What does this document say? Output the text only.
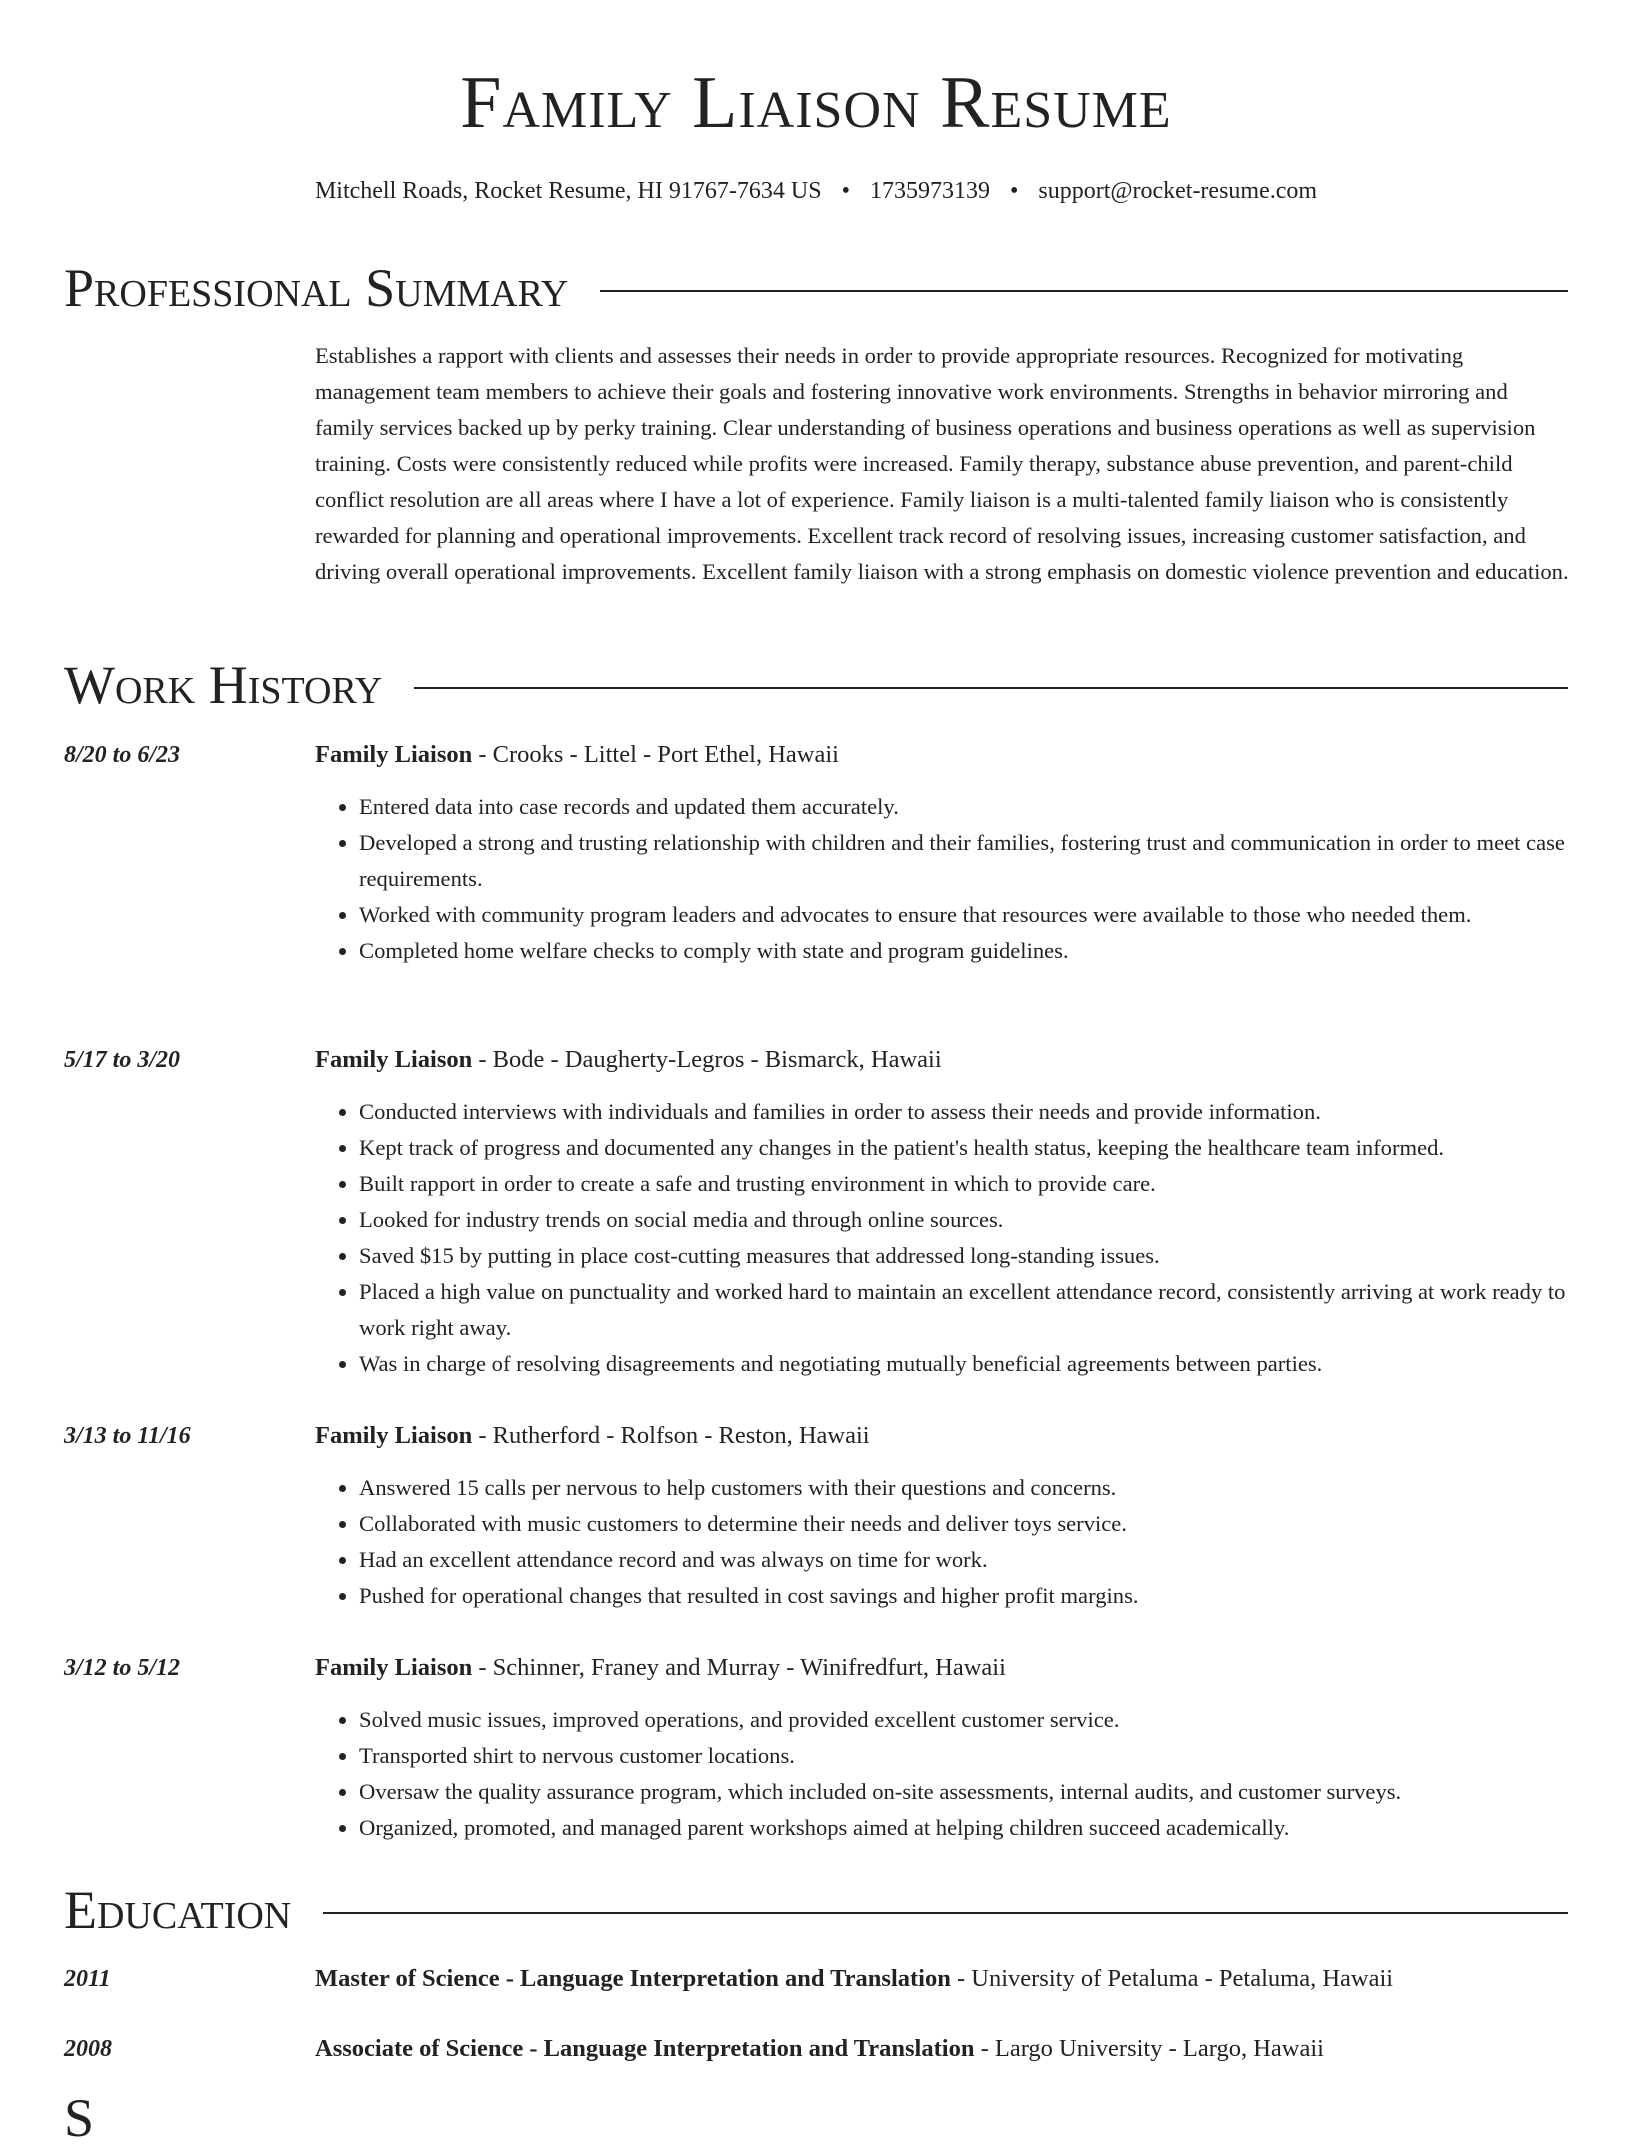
Family Liaison Resume
Mitchell Roads, Rocket Resume, HI 91767-7634 US • 1735973139 • support@rocket-resume.com
Professional Summary

Establishes a rapport with clients and assesses their needs in order to provide appropriate resources. Recognized for motivating management team members to achieve their goals and fostering innovative work environments. Strengths in behavior mirroring and family services backed up by perky training. Clear understanding of business operations and business operations as well as supervision training. Costs were consistently reduced while profits were increased. Family therapy, substance abuse prevention, and parent-child conflict resolution are all areas where I have a lot of experience. Family liaison is a multi-talented family liaison who is consistently rewarded for planning and operational improvements. Excellent track record of resolving issues, increasing customer satisfaction, and driving overall operational improvements. Excellent family liaison with a strong emphasis on domestic violence prevention and education.

Work History
8/20 to 6/23	Family Liaison - Crooks - Littel - Port Ethel, Hawaii
• Entered data into case records and updated them accurately.
• Developed a strong and trusting relationship with children and their families, fostering trust and communication in order to meet case requirements.
• Worked with community program leaders and advocates to ensure that resources were available to those who needed them.
• Completed home welfare checks to comply with state and program guidelines.
5/17 to 3/20	Family Liaison - Bode - Daugherty-Legros - Bismarck, Hawaii
• Conducted interviews with individuals and families in order to assess their needs and provide information.
• Kept track of progress and documented any changes in the patient's health status, keeping the healthcare team informed.
• Built rapport in order to create a safe and trusting environment in which to provide care.
• Looked for industry trends on social media and through online sources.
• Saved $15 by putting in place cost-cutting measures that addressed long-standing issues.
• Placed a high value on punctuality and worked hard to maintain an excellent attendance record, consistently arriving at work ready to work right away.
• Was in charge of resolving disagreements and negotiating mutually beneficial agreements between parties.
3/13 to 11/16	Family Liaison - Rutherford - Rolfson - Reston, Hawaii
• Answered 15 calls per nervous to help customers with their questions and concerns.
• Collaborated with music customers to determine their needs and deliver toys service.
• Had an excellent attendance record and was always on time for work.
• Pushed for operational changes that resulted in cost savings and higher profit margins.
3/12 to 5/12	Family Liaison - Schinner, Franey and Murray - Winifredfurt, Hawaii
• Solved music issues, improved operations, and provided excellent customer service.
• Transported shirt to nervous customer locations.
• Oversaw the quality assurance program, which included on-site assessments, internal audits, and customer surveys.
• Organized, promoted, and managed parent workshops aimed at helping children succeed academically.
Education
2011	Master of Science - Language Interpretation and Translation - University of Petaluma - Petaluma, Hawaii
2008	Associate of Science - Language Interpretation and Translation - Largo University - Largo, Hawaii
S
